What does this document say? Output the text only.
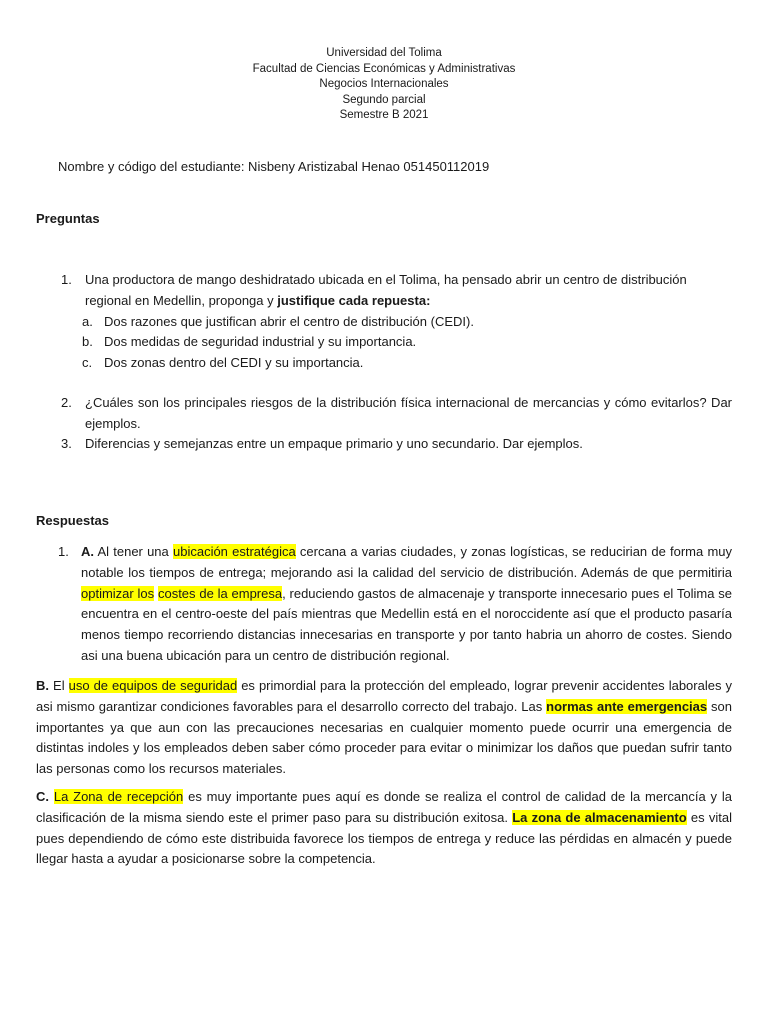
Universidad del Tolima
Facultad de Ciencias Económicas y Administrativas
Negocios Internacionales
Segundo parcial
Semestre B 2021
Nombre y código del estudiante: Nisbeny Aristizabal Henao 051450112019
Preguntas
1. Una productora de mango deshidratado ubicada en el Tolima, ha pensado abrir un centro de distribución regional en Medellin, proponga y justifique cada repuesta:
a. Dos razones que justifican abrir el centro de distribución (CEDI).
b. Dos medidas de seguridad industrial y su importancia.
c. Dos zonas dentro del CEDI y su importancia.
2. ¿Cuáles son los principales riesgos de la distribución física internacional de mercancias y cómo evitarlos? Dar ejemplos.
3. Diferencias y semejanzas entre un empaque primario y uno secundario. Dar ejemplos.
Respuestas
1. A. Al tener una ubicación estratégica cercana a varias ciudades, y zonas logísticas, se reducirian de forma muy notable los tiempos de entrega; mejorando asi la calidad del servicio de distribución. Además de que permitiria optimizar los costes de la empresa, reduciendo gastos de almacenaje y transporte innecesario pues el Tolima se encuentra en el centro-oeste del país mientras que Medellin está en el noroccidente así que el producto pasaría menos tiempo recorriendo distancias innecesarias en transporte y por tanto habria un ahorro de costes. Siendo asi una buena ubicación para un centro de distribución regional.
B. El uso de equipos de seguridad es primordial para la protección del empleado, lograr prevenir accidentes laborales y asi mismo garantizar condiciones favorables para el desarrollo correcto del trabajo. Las normas ante emergencias son importantes ya que aun con las precauciones necesarias en cualquier momento puede ocurrir una emergencia de distintas indoles y los empleados deben saber cómo proceder para evitar o minimizar los daños que puedan sufrir tanto las personas como los recursos materiales.
C. La Zona de recepción es muy importante pues aquí es donde se realiza el control de calidad de la mercancía y la clasificación de la misma siendo este el primer paso para su distribución exitosa. La zona de almacenamiento es vital pues dependiendo de cómo este distribuida favorece los tiempos de entrega y reduce las pérdidas en almacén y puede llegar hasta a ayudar a posicionarse sobre la competencia.
